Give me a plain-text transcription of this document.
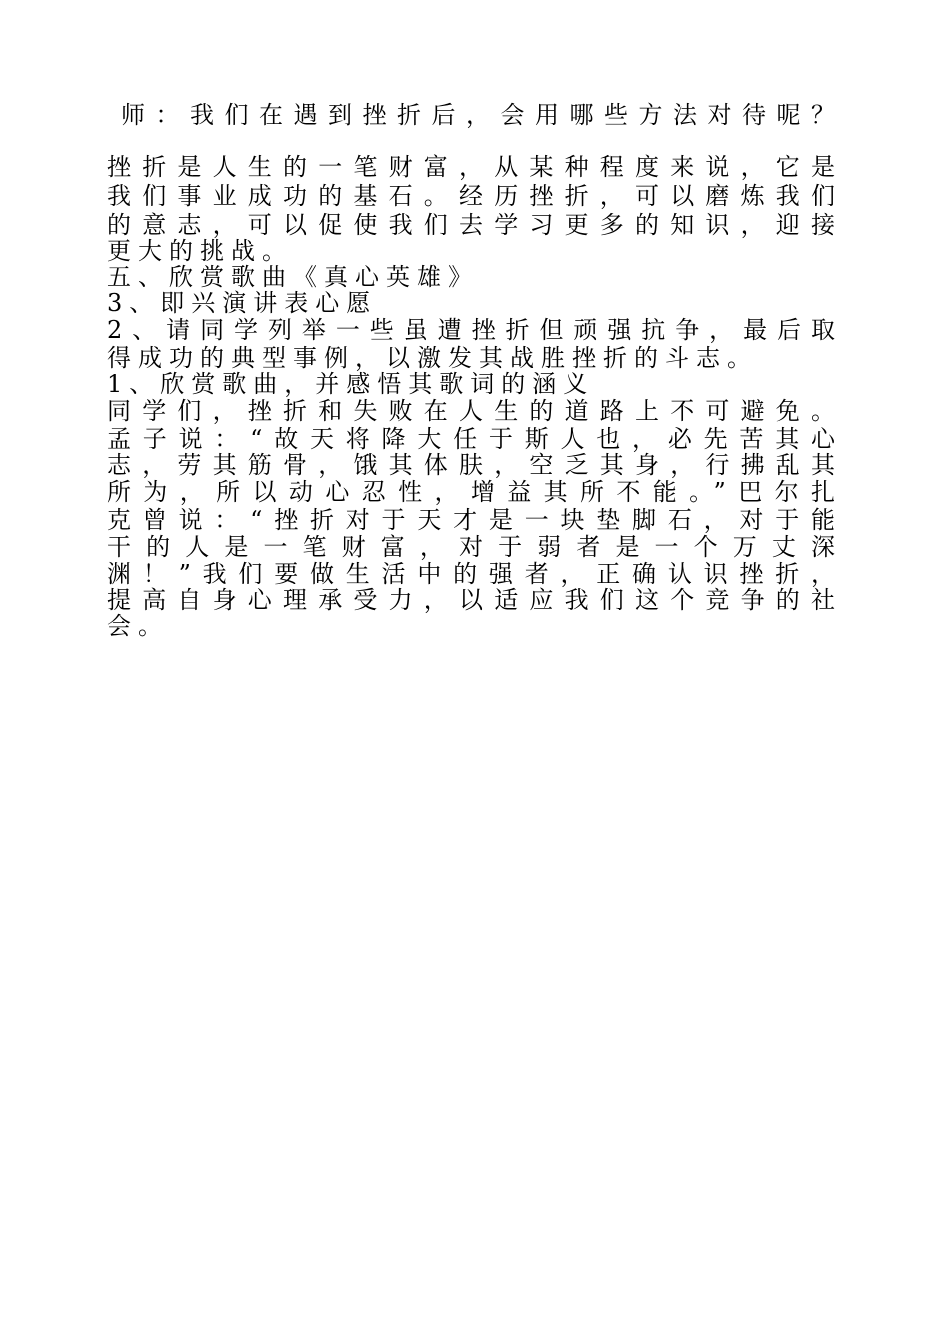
师：我们在遇到挫折后，会用哪些方法对待呢？
挫折是人生的一笔财富，从某种程度来说，它是
我们事业成功的基石。经历挫折，可以磨炼我们
的意志，可以促使我们去学习更多的知识，迎接
更大的挑战。
五、欣赏歌曲《真心英雄》
3、即兴演讲表心愿
2、请同学列举一些虽遭挫折但顽强抗争，最后取
得成功的典型事例，以激发其战胜挫折的斗志。
1、欣赏歌曲，并感悟其歌词的涵义
同学们，挫折和失败在人生的道路上不可避免。
孟子说：“故天将降大任于斯人也，必先苦其心
志，劳其筋骨，饿其体肤，空乏其身，行拂乱其
所为，所以动心忍性，增益其所不能。”巴尔扎
克曾说：“挫折对于天才是一块垫脚石，对于能
干的人是一笔财富，对于弱者是一个万丈深
渊！”我们要做生活中的强者，正确认识挫折，
提高自身心理承受力，以适应我们这个竞争的社
会。
